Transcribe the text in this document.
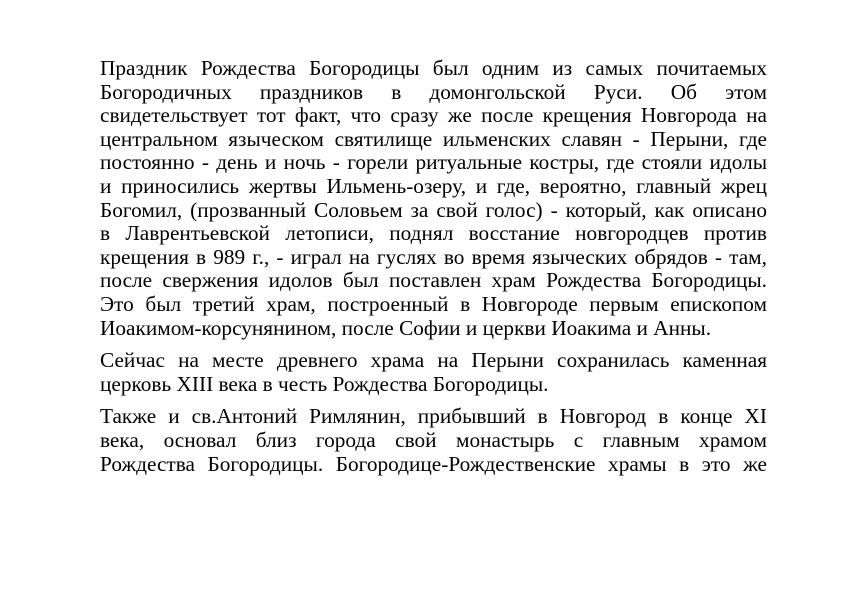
Праздник Рождества Богородицы был одним из самых почитаемых
Богородичных праздников в домонгольской Руси. Об этом
свидетельствует тот факт, что сразу же после крещения Новгорода на
центральном языческом святилище ильменских славян - Перыни, где
постоянно - день и ночь - горели ритуальные костры, где стояли идолы
и приносились жертвы Ильмень-озеру, и где, вероятно, главный жрец
Богомил, (прозванный Соловьем за свой голос) - который, как описано
в Лаврентьевской летописи, поднял восстание новгородцев против
крещения в 989 г., - играл на гуслях во время языческих обрядов - там,
после свержения идолов был поставлен храм Рождества Богородицы.
Это был третий храм, построенный в Новгороде первым епископом
Иоакимом-корсунянином, после Софии и церкви Иоакима и Анны.
Сейчас на месте древнего храма на Перыни сохранилась каменная
церковь XIII века в честь Рождества Богородицы.
Также и св.Антоний Римлянин, прибывший в Новгород в конце XI
века, основал близ города свой монастырь с главным храмом
Рождества Богородицы. Богородице-Рождественские храмы в это же
